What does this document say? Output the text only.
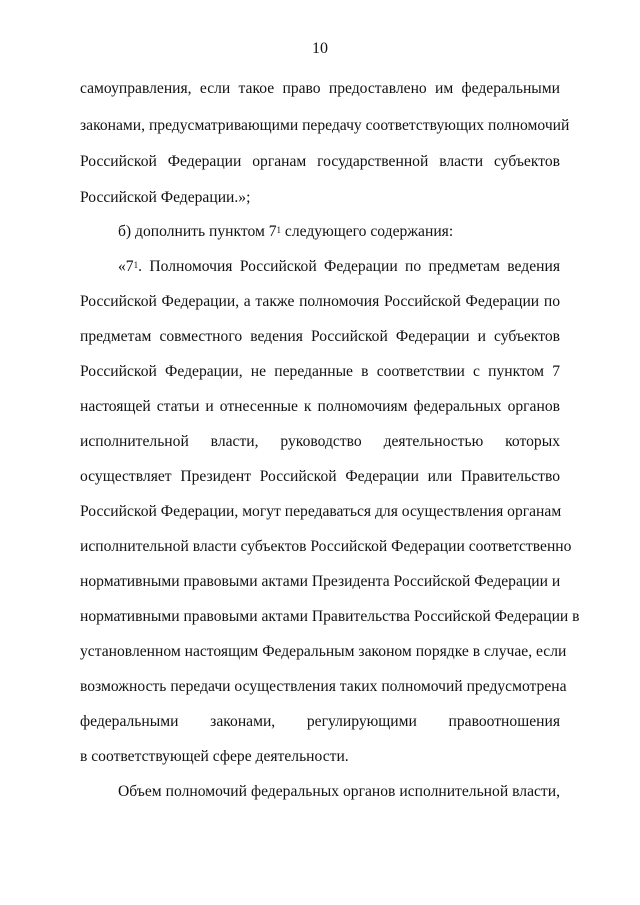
10
самоуправления, если такое право предоставлено им федеральными
законами, предусматривающими передачу соответствующих полномочий
Российской Федерации органам государственной власти субъектов
Российской Федерации.»;
б) дополнить пунктом $7^1$ следующего содержания:
«$7^1$. Полномочия Российской Федерации по предметам ведения
Российской Федерации, а также полномочия Российской Федерации по
предметам совместного ведения Российской Федерации и субъектов
Российской Федерации, не переданные в соответствии с пунктом 7
настоящей статьи и отнесенные к полномочиям федеральных органов
исполнительной власти, руководство деятельностью которых
осуществляет Президент Российской Федерации или Правительство
Российской Федерации, могут передаваться для осуществления органам
исполнительной власти субъектов Российской Федерации соответственно
нормативными правовыми актами Президента Российской Федерации и
нормативными правовыми актами Правительства Российской Федерации в
установленном настоящим Федеральным законом порядке в случае, если
возможность передачи осуществления таких полномочий предусмотрена
федеральными законами, регулирующими правоотношения
в соответствующей сфере деятельности.
Объем полномочий федеральных органов исполнительной власти,
